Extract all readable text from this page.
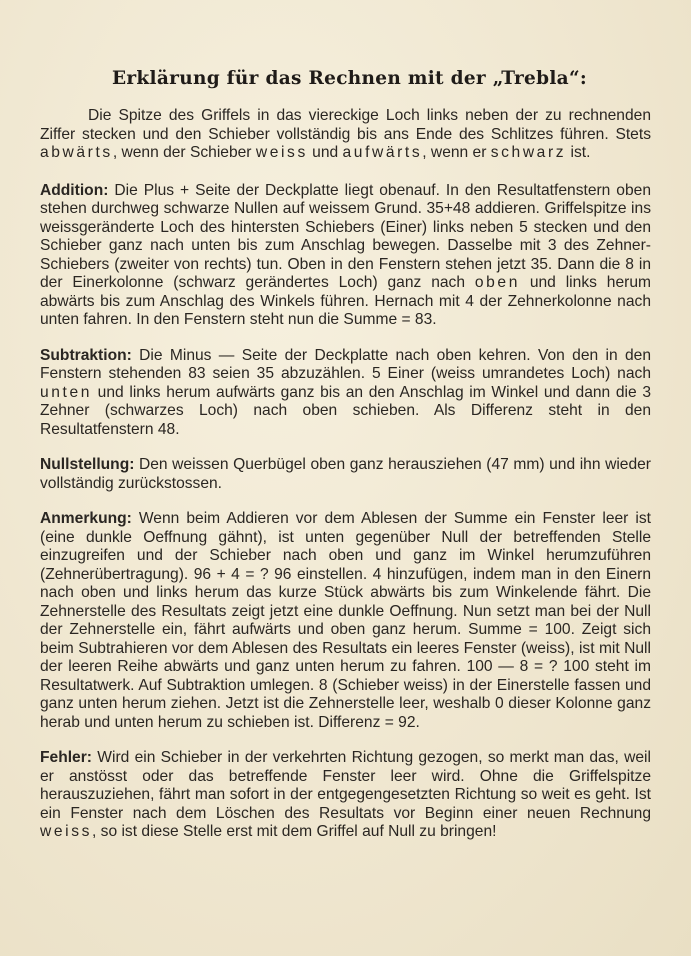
Erklärung für das Rechnen mit der „Trebla“:

Die Spitze des Griffels in das viereckige Loch links neben der zu rechnenden Ziffer stecken und den Schieber vollständig bis ans Ende des Schlitzes führen. Stets abwärts, wenn der Schieber weiss und aufwärts, wenn er schwarz ist.

Addition: Die Plus + Seite der Deckplatte liegt obenauf. In den Resultatfenstern oben stehen durchweg schwarze Nullen auf weissem Grund. 35+48 addieren. Griffelspitze ins weissgeränderte Loch des hintersten Schiebers (Einer) links neben 5 stecken und den Schieber ganz nach unten bis zum Anschlag bewegen. Dasselbe mit 3 des Zehner-Schiebers (zweiter von rechts) tun. Oben in den Fenstern stehen jetzt 35. Dann die 8 in der Einerkolonne (schwarz gerändertes Loch) ganz nach oben und links herum abwärts bis zum Anschlag des Winkels führen. Hernach mit 4 der Zehnerkolonne nach unten fahren. In den Fenstern steht nun die Summe = 83.

Subtraktion: Die Minus — Seite der Deckplatte nach oben kehren. Von den in den Fenstern stehenden 83 seien 35 abzuzählen. 5 Einer (weiss umrandetes Loch) nach unten und links herum aufwärts ganz bis an den Anschlag im Winkel und dann die 3 Zehner (schwarzes Loch) nach oben schieben. Als Differenz steht in den Resultatfenstern 48.

Nullstellung: Den weissen Querbügel oben ganz herausziehen (47 mm) und ihn wieder vollständig zurückstossen.

Anmerkung: Wenn beim Addieren vor dem Ablesen der Summe ein Fenster leer ist (eine dunkle Oeffnung gähnt), ist unten gegenüber Null der betreffenden Stelle einzugreifen und der Schieber nach oben und ganz im Winkel herumzuführen (Zehnerübertragung). 96 + 4 = ? 96 einstellen. 4 hinzufügen, indem man in den Einern nach oben und links herum das kurze Stück abwärts bis zum Winkelende fährt. Die Zehnerstelle des Resultats zeigt jetzt eine dunkle Oeffnung. Nun setzt man bei der Null der Zehnerstelle ein, fährt aufwärts und oben ganz herum. Summe = 100. Zeigt sich beim Subtrahieren vor dem Ablesen des Resultats ein leeres Fenster (weiss), ist mit Null der leeren Reihe abwärts und ganz unten herum zu fahren. 100 — 8 = ? 100 steht im Resultatwerk. Auf Subtraktion umlegen. 8 (Schieber weiss) in der Einerstelle fassen und ganz unten herum ziehen. Jetzt ist die Zehnerstelle leer, weshalb 0 dieser Kolonne ganz herab und unten herum zu schieben ist. Differenz = 92.

Fehler: Wird ein Schieber in der verkehrten Richtung gezogen, so merkt man das, weil er anstösst oder das betreffende Fenster leer wird. Ohne die Griffelspitze herauszuziehen, fährt man sofort in der entgegengesetzten Richtung so weit es geht. Ist ein Fenster nach dem Löschen des Resultats vor Beginn einer neuen Rechnung weiss, so ist diese Stelle erst mit dem Griffel auf Null zu bringen!
